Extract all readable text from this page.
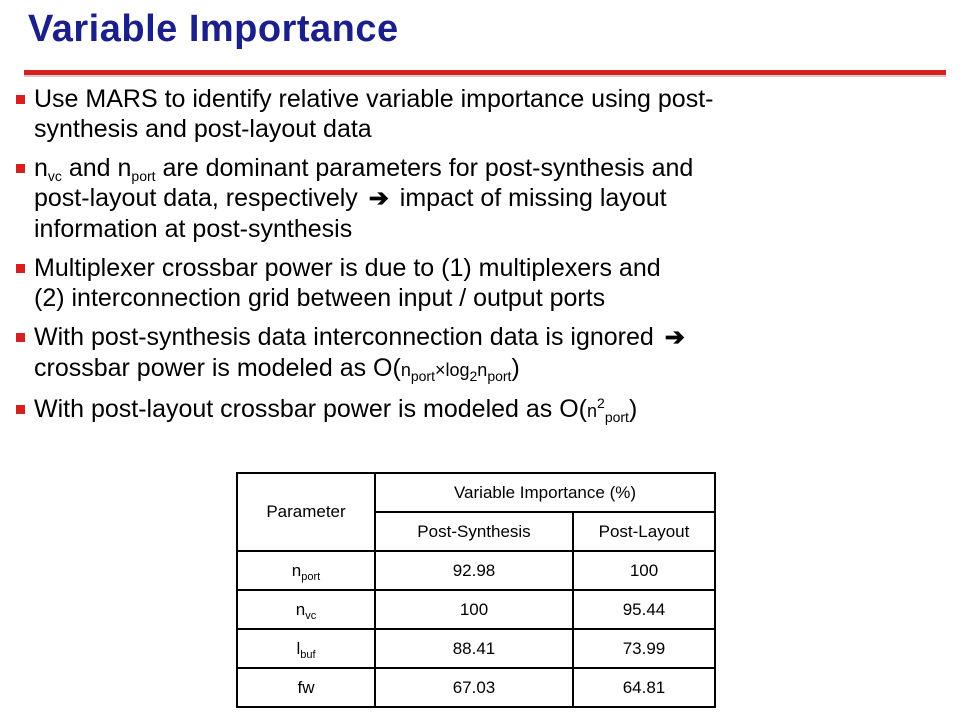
Variable Importance
Use MARS to identify relative variable importance using post-
synthesis and post-layout data
$n_{vc}$ and $n_{port}$ are dominant parameters for post-synthesis and
post-layout data, respectively ➔ impact of missing layout
information at post-synthesis
Multiplexer crossbar power is due to (1) multiplexers and
(2) interconnection grid between input / output ports
With post-synthesis data interconnection data is ignored ➔
crossbar power is modeled as $O(n_{port}\times\log_2n_{port})$
With post-layout crossbar power is modeled as $O(n^2_{port})$
Parameter	Variable Importance (%)	
	Post-Synthesis	Post-Layout
$n_{port}$	92.98	100
$n_{vc}$	100	95.44
$l_{buf}$	88.41	73.99
fw	67.03	64.81
